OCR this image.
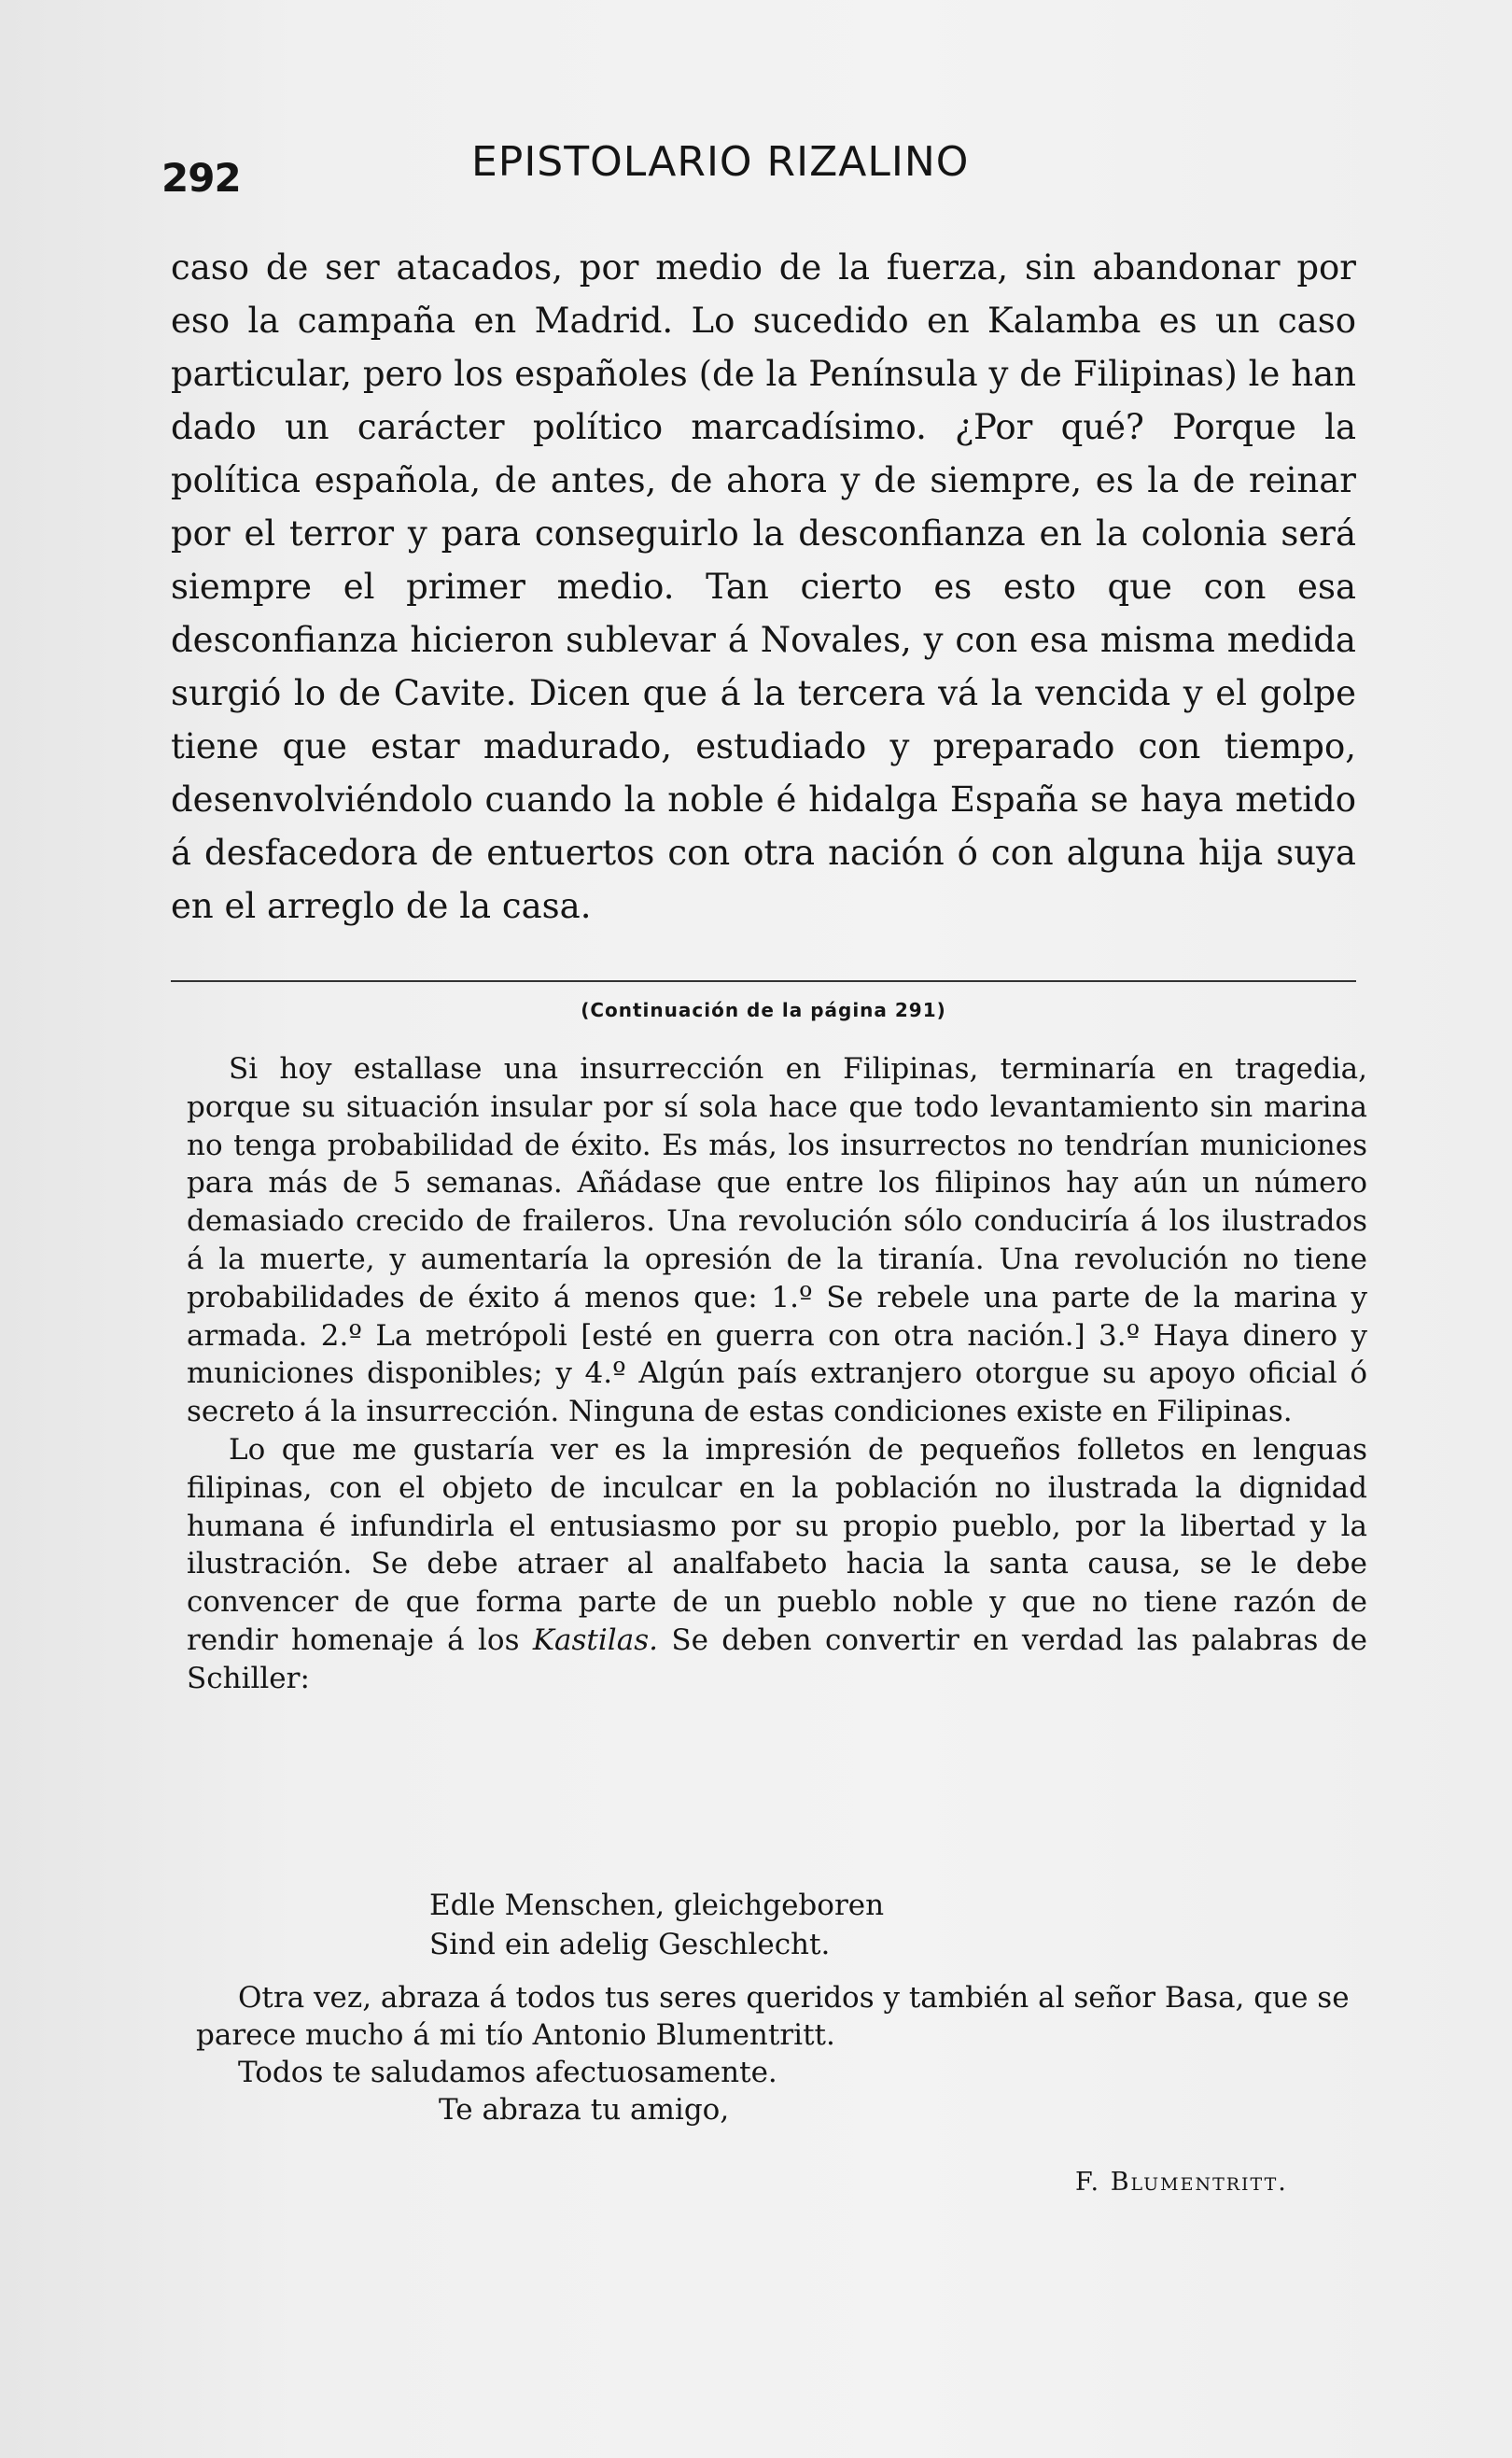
292	EPISTOLARIO RIZALINO

caso de ser atacados, por medio de la fuerza, sin abandonar por eso la campaña en Madrid. Lo sucedido en Kalamba es un caso particular, pero los españoles (de la Península y de Filipinas) le han dado un carácter político marcadísimo. ¿Por qué? Porque la política española, de antes, de ahora y de siempre, es la de reinar por el terror y para conseguirlo la desconfianza en la colonia será siempre el primer medio. Tan cierto es esto que con esa desconfianza hicieron sublevar á Novales, y con esa misma medida surgió lo de Cavite. Dicen que á la tercera vá la vencida y el golpe tiene que estar madurado, estudiado y preparado con tiempo, desenvolviéndolo cuando la noble é hidalga España se haya metido á desfacedora de entuertos con otra nación ó con alguna hija suya en el arreglo de la casa.

(Continuación de la página 291)

Si hoy estallase una insurrección en Filipinas, terminaría en tragedia, porque su situación insular por sí sola hace que todo levantamiento sin marina no tenga probabilidad de éxito. Es más, los insurrectos no tendrían municiones para más de 5 semanas. Añádase que entre los filipinos hay aún un número demasiado crecido de fraileros. Una revolución sólo conduciría á los ilustrados á la muerte, y aumentaría la opresión de la tiranía. Una revolución no tiene probabilidades de éxito á menos que: 1.º Se rebele una parte de la marina y armada. 2.º La metrópoli [esté en guerra con otra nación.] 3.º Haya dinero y municiones disponibles; y 4.º Algún país extranjero otorgue su apoyo oficial ó secreto á la insurrección. Ninguna de estas condiciones existe en Filipinas.

Lo que me gustaría ver es la impresión de pequeños folletos en lenguas filipinas, con el objeto de inculcar en la población no ilustrada la dignidad humana é infundirla el entusiasmo por su propio pueblo, por la libertad y la ilustración. Se debe atraer al analfabeto hacia la santa causa, se le debe convencer de que forma parte de un pueblo noble y que no tiene razón de rendir homenaje á los Kastilas. Se deben convertir en verdad las palabras de Schiller:

Edle Menschen, gleichgeboren
Sind ein adelig Geschlecht.

Otra vez, abraza á todos tus seres queridos y también al señor Basa, que se parece mucho á mi tío Antonio Blumentritt.

Todos te saludamos afectuosamente.

Te abraza tu amigo,

F. Blumentritt.
